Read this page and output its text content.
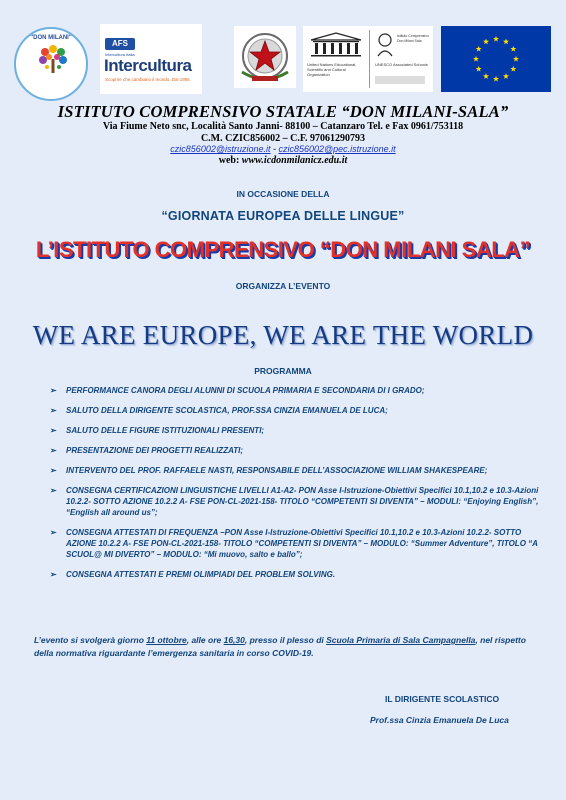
"DON MILANI"
AFS
Intercultura Italia
Intercultura
Scoprire che cambiano il mondo. Dal 1955
United Nations Educational, Scientific and Cultural Organization
Istituto Comprensivo Don Milani Sala
UNESCO Associated Schools
ISTITUTO COMPRENSIVO STATALE “DON MILANI-SALA”
Via Fiume Neto snc, Località Santo Janni- 88100 – Catanzaro Tel. e Fax 0961/753118
C.M. CZIC856002 – C.F. 97061290793
czic856002@istruzione.it - czic856002@pec.istruzione.it
web: www.icdonmilanicz.edu.it
IN OCCASIONE DELLA
“GIORNATA EUROPEA DELLE LINGUE”
L’ISTITUTO COMPRENSIVO “DON MILANI SALA”
ORGANIZZA L’EVENTO
WE ARE EUROPE, WE ARE THE WORLD
PROGRAMMA
➢ PERFORMANCE CANORA DEGLI ALUNNI DI SCUOLA PRIMARIA E SECONDARIA DI I GRADO;
➢ SALUTO DELLA DIRIGENTE SCOLASTICA, PROF.SSA CINZIA EMANUELA DE LUCA;
➢ SALUTO DELLE FIGURE ISTITUZIONALI PRESENTI;
➢ PRESENTAZIONE DEI PROGETTI REALIZZATI;
➢ INTERVENTO DEL PROF. RAFFAELE NASTI, RESPONSABILE DELL’ASSOCIAZIONE WILLIAM SHAKESPEARE;
➢ CONSEGNA CERTIFICAZIONI LINGUISTICHE LIVELLI A1-A2- PON Asse I-Istruzione-Obiettivi Specifici 10.1,10.2 e 10.3-Azioni 10.2.2- SOTTO AZIONE 10.2.2 A- FSE PON-CL-2021-158- TITOLO “COMPETENTI SI DIVENTA” – MODULI: “Enjoying English”, “English all around us”;
➢ CONSEGNA ATTESTATI DI FREQUENZA –PON Asse I-Istruzione-Obiettivi Specifici 10.1,10.2 e 10.3-Azioni 10.2.2- SOTTO AZIONE 10.2.2 A- FSE PON-CL-2021-158- TITOLO “COMPETENTI SI DIVENTA” – MODULO: “Summer Adventure”, TITOLO “A SCUOL@ MI DIVERTO” – MODULO: “Mi muovo, salto e ballo”;
➢ CONSEGNA ATTESTATI E PREMI OLIMPIADI DEL PROBLEM SOLVING.
L’evento si svolgerà giorno 11 ottobre, alle ore 16,30, presso il plesso di Scuola Primaria di Sala Campagnella, nel rispetto della normativa riguardante l’emergenza sanitaria in corso COVID-19.
IL DIRIGENTE SCOLASTICO
Prof.ssa Cinzia Emanuela De Luca
